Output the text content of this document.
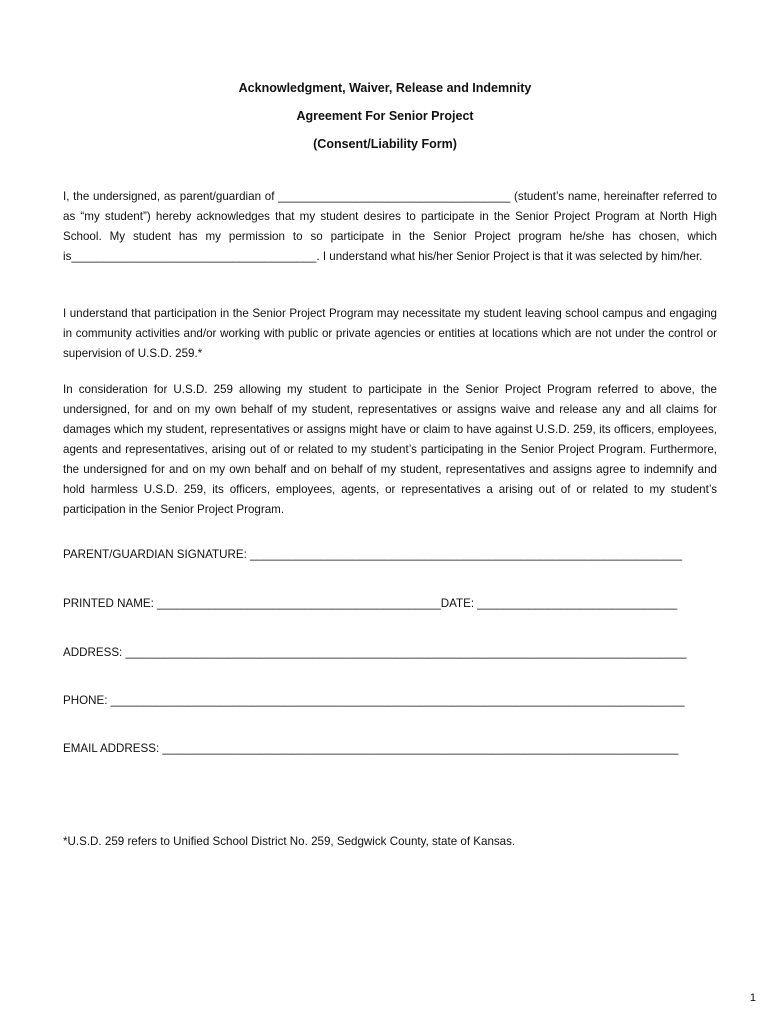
Acknowledgment, Waiver, Release and Indemnity
Agreement For Senior Project
(Consent/Liability Form)

I, the undersigned, as parent/guardian of ____________________________________ (student’s name, hereinafter referred to as “my student”) hereby acknowledges that my student desires to participate in the Senior Project Program at North High School. My student has my permission to so participate in the Senior Project program he/she has chosen, which is______________________________________. I understand what his/her Senior Project is that it was selected by him/her.

I understand that participation in the Senior Project Program may necessitate my student leaving school campus and engaging in community activities and/or working with public or private agencies or entities at locations which are not under the control or supervision of U.S.D. 259.*

In consideration for U.S.D. 259 allowing my student to participate in the Senior Project Program referred to above, the undersigned, for and on my own behalf of my student, representatives or assigns waive and release any and all claims for damages which my student, representatives or assigns might have or claim to have against U.S.D. 259, its officers, employees, agents and representatives, arising out of or related to my student’s participating in the Senior Project Program. Furthermore, the undersigned for and on my own behalf and on behalf of my student, representatives and assigns agree to indemnify and hold harmless U.S.D. 259, its officers, employees, agents, or representatives a arising out of or related to my student’s participation in the Senior Project Program.

PARENT/GUARDIAN SIGNATURE: ___________________________________________________________________
PRINTED NAME: ____________________________________________DATE: _______________________________
ADDRESS: _______________________________________________________________________________________
PHONE: _________________________________________________________________________________________
EMAIL ADDRESS: ________________________________________________________________________________
*U.S.D. 259 refers to Unified School District No. 259, Sedgwick County, state of Kansas.
1
